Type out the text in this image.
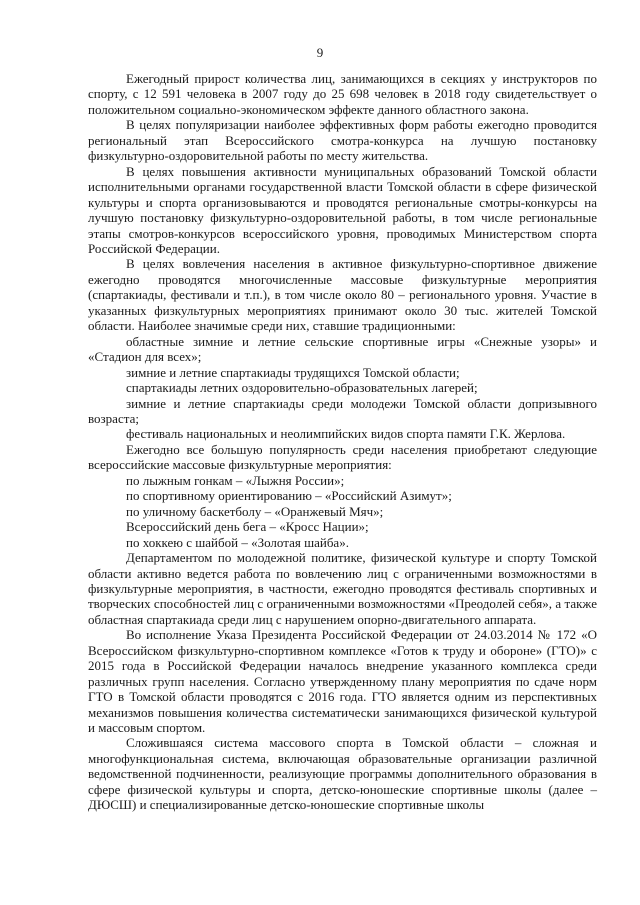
9

Ежегодный прирост количества лиц, занимающихся в секциях у инструкторов по спорту, с 12 591 человека в 2007 году до 25 698 человек в 2018 году свидетельствует о положительном социально-экономическом эффекте данного областного закона.

В целях популяризации наиболее эффективных форм работы ежегодно проводится региональный этап Всероссийского смотра-конкурса на лучшую постановку физкультурно-оздоровительной работы по месту жительства.

В целях повышения активности муниципальных образований Томской области исполнительными органами государственной власти Томской области в сфере физической культуры и спорта организовываются и проводятся региональные смотры-конкурсы на лучшую постановку физкультурно-оздоровительной работы, в том числе региональные этапы смотров-конкурсов всероссийского уровня, проводимых Министерством спорта Российской Федерации.

В целях вовлечения населения в активное физкультурно-спортивное движение ежегодно проводятся многочисленные массовые физкультурные мероприятия (спартакиады, фестивали и т.п.), в том числе около 80 – регионального уровня. Участие в указанных физкультурных мероприятиях принимают около 30 тыс. жителей Томской области. Наиболее значимые среди них, ставшие традиционными:

областные зимние и летние сельские спортивные игры «Снежные узоры» и «Стадион для всех»;

зимние и летние спартакиады трудящихся Томской области;

спартакиады летних оздоровительно-образовательных лагерей;

зимние и летние спартакиады среди молодежи Томской области допризывного возраста;

фестиваль национальных и неолимпийских видов спорта памяти Г.К. Жерлова.

Ежегодно все большую популярность среди населения приобретают следующие всероссийские массовые физкультурные мероприятия:

по лыжным гонкам – «Лыжня России»;

по спортивному ориентированию – «Российский Азимут»;

по уличному баскетболу – «Оранжевый Мяч»;

Всероссийский день бега – «Кросс Нации»;

по хоккею с шайбой – «Золотая шайба».

Департаментом по молодежной политике, физической культуре и спорту Томской области активно ведется работа по вовлечению лиц с ограниченными возможностями в физкультурные мероприятия, в частности, ежегодно проводятся фестиваль спортивных и творческих способностей лиц с ограниченными возможностями «Преодолей себя», а также областная спартакиада среди лиц с нарушением опорно-двигательного аппарата.

Во исполнение Указа Президента Российской Федерации от 24.03.2014 № 172 «О Всероссийском физкультурно-спортивном комплексе «Готов к труду и обороне» (ГТО)» с 2015 года в Российской Федерации началось внедрение указанного комплекса среди различных групп населения. Согласно утвержденному плану мероприятия по сдаче норм ГТО в Томской области проводятся с 2016 года. ГТО является одним из перспективных механизмов повышения количества систематически занимающихся физической культурой и массовым спортом.

Сложившаяся система массового спорта в Томской области – сложная и многофункциональная система, включающая образовательные организации различной ведомственной подчиненности, реализующие программы дополнительного образования в сфере физической культуры и спорта, детско-юношеские спортивные школы (далее – ДЮСШ) и специализированные детско-юношеские спортивные школы
